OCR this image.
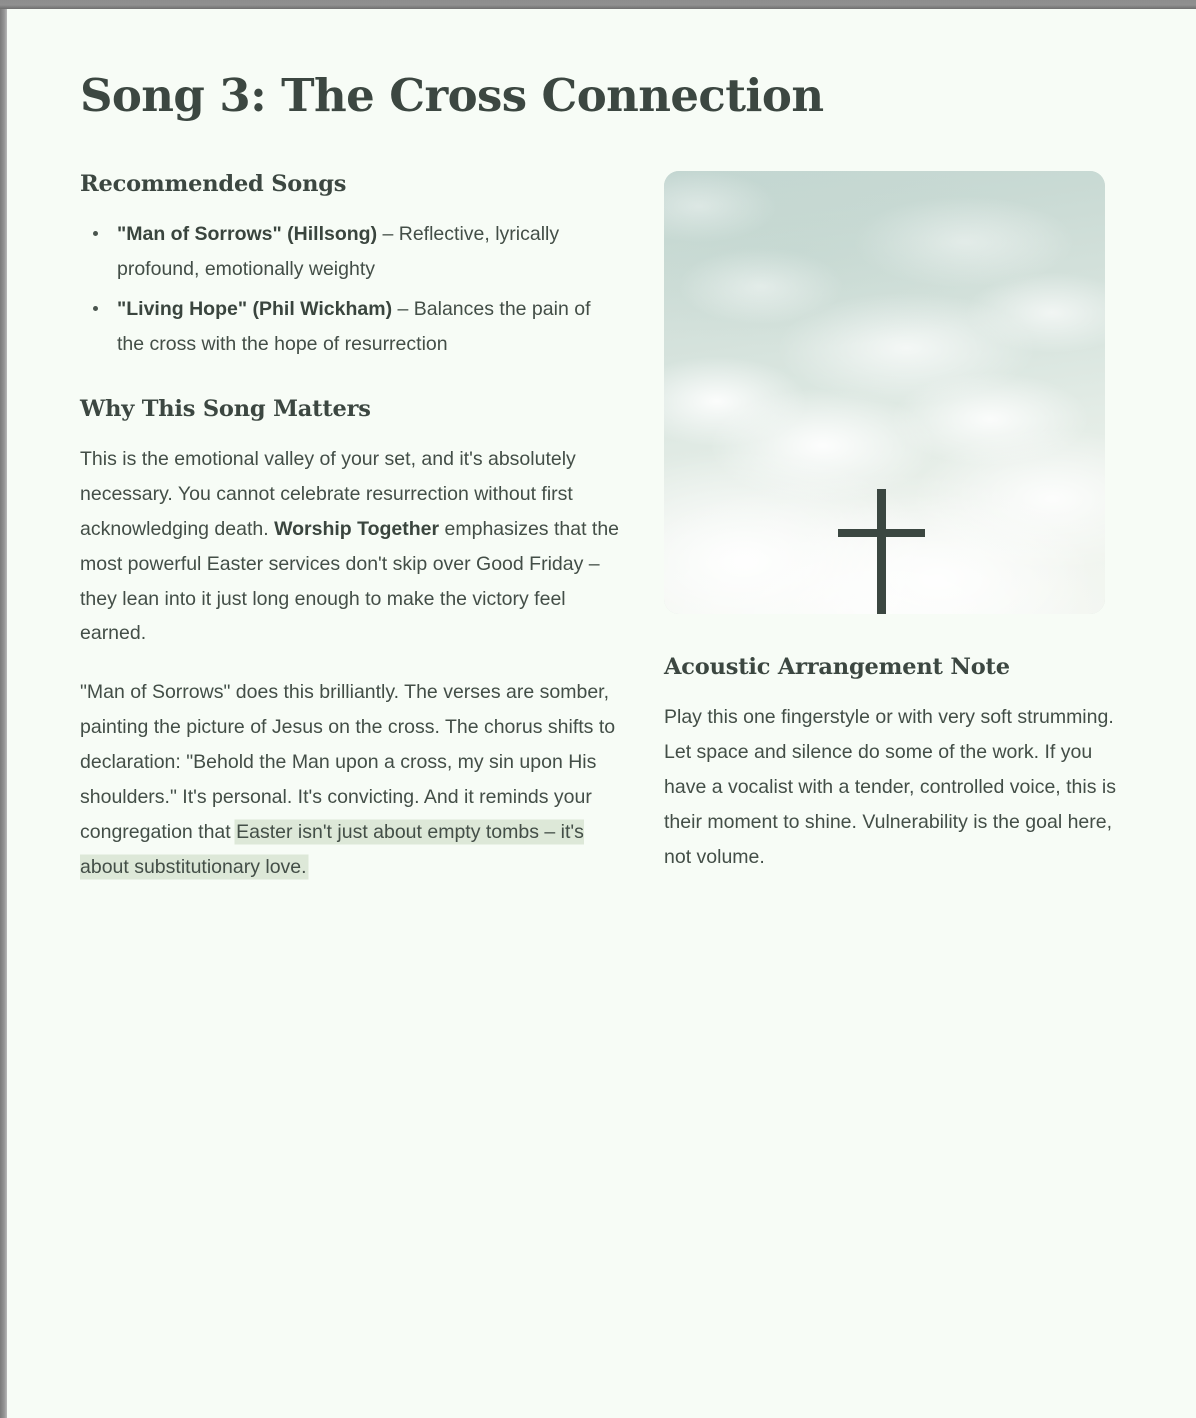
Song 3: The Cross Connection
Recommended Songs
"Man of Sorrows" (Hillsong) – Reflective, lyrically profound, emotionally weighty
"Living Hope" (Phil Wickham) – Balances the pain of the cross with the hope of resurrection
Why This Song Matters

This is the emotional valley of your set, and it's absolutely necessary. You cannot celebrate resurrection without first acknowledging death. Worship Together emphasizes that the most powerful Easter services don't skip over Good Friday – they lean into it just long enough to make the victory feel earned.

"Man of Sorrows" does this brilliantly. The verses are somber, painting the picture of Jesus on the cross. The chorus shifts to declaration: "Behold the Man upon a cross, my sin upon His shoulders." It's personal. It's convicting. And it reminds your congregation that Easter isn't just about empty tombs – it's about substitutionary love.

Acoustic Arrangement Note

Play this one fingerstyle or with very soft strumming. Let space and silence do some of the work. If you have a vocalist with a tender, controlled voice, this is their moment to shine. Vulnerability is the goal here, not volume.
